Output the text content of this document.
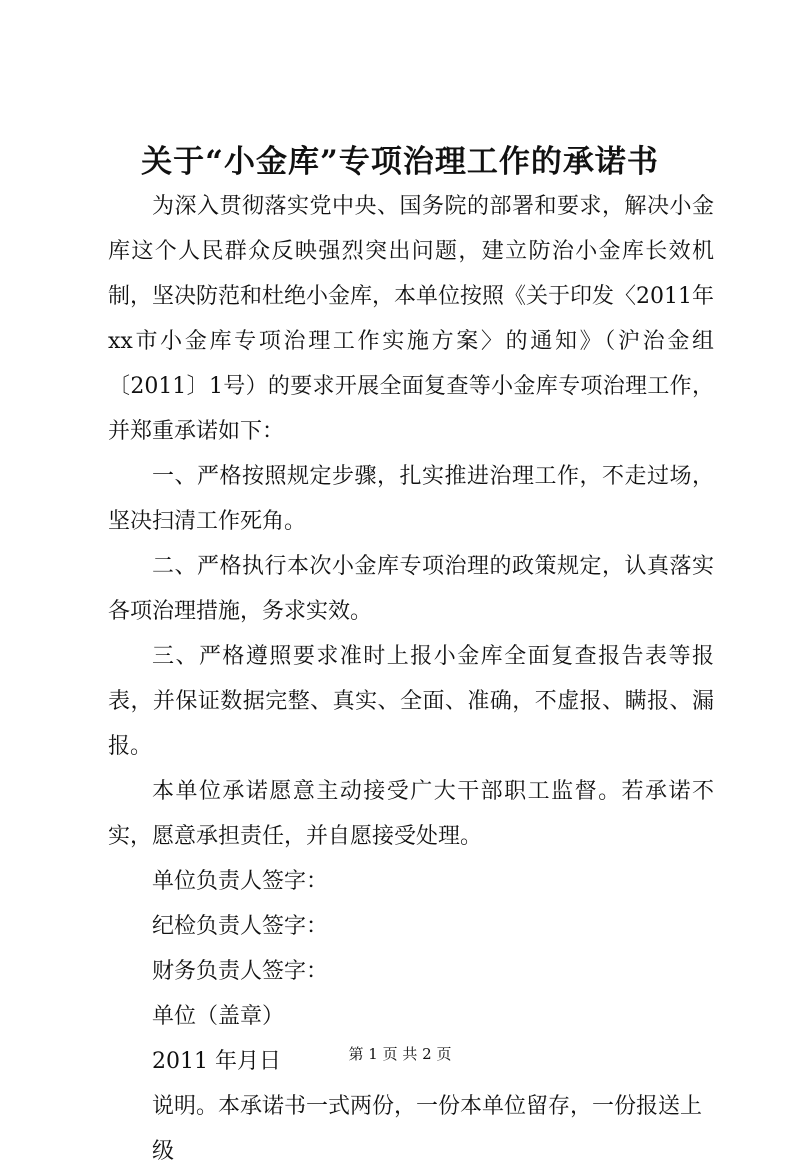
关于“小金库”专项治理工作的承诺书

为深入贯彻落实党中央、国务院的部署和要求，解决小金库这个人民群众反映强烈突出问题，建立防治小金库长效机制，坚决防范和杜绝小金库，本单位按照《关于印发〈2011年xx市小金库专项治理工作实施方案〉的通知》（沪治金组〔2011〕1号）的要求开展全面复查等小金库专项治理工作，并郑重承诺如下：

一、严格按照规定步骤，扎实推进治理工作，不走过场，坚决扫清工作死角。

二、严格执行本次小金库专项治理的政策规定，认真落实各项治理措施，务求实效。

三、严格遵照要求准时上报小金库全面复查报告表等报表，并保证数据完整、真实、全面、准确，不虚报、瞒报、漏报。

本单位承诺愿意主动接受广大干部职工监督。若承诺不实，愿意承担责任，并自愿接受处理。

单位负责人签字：

纪检负责人签字：

财务负责人签字：

单位（盖章）

2011 年月日

说明。本承诺书一式两份，一份本单位留存，一份报送上级

第 1 页 共 2 页
